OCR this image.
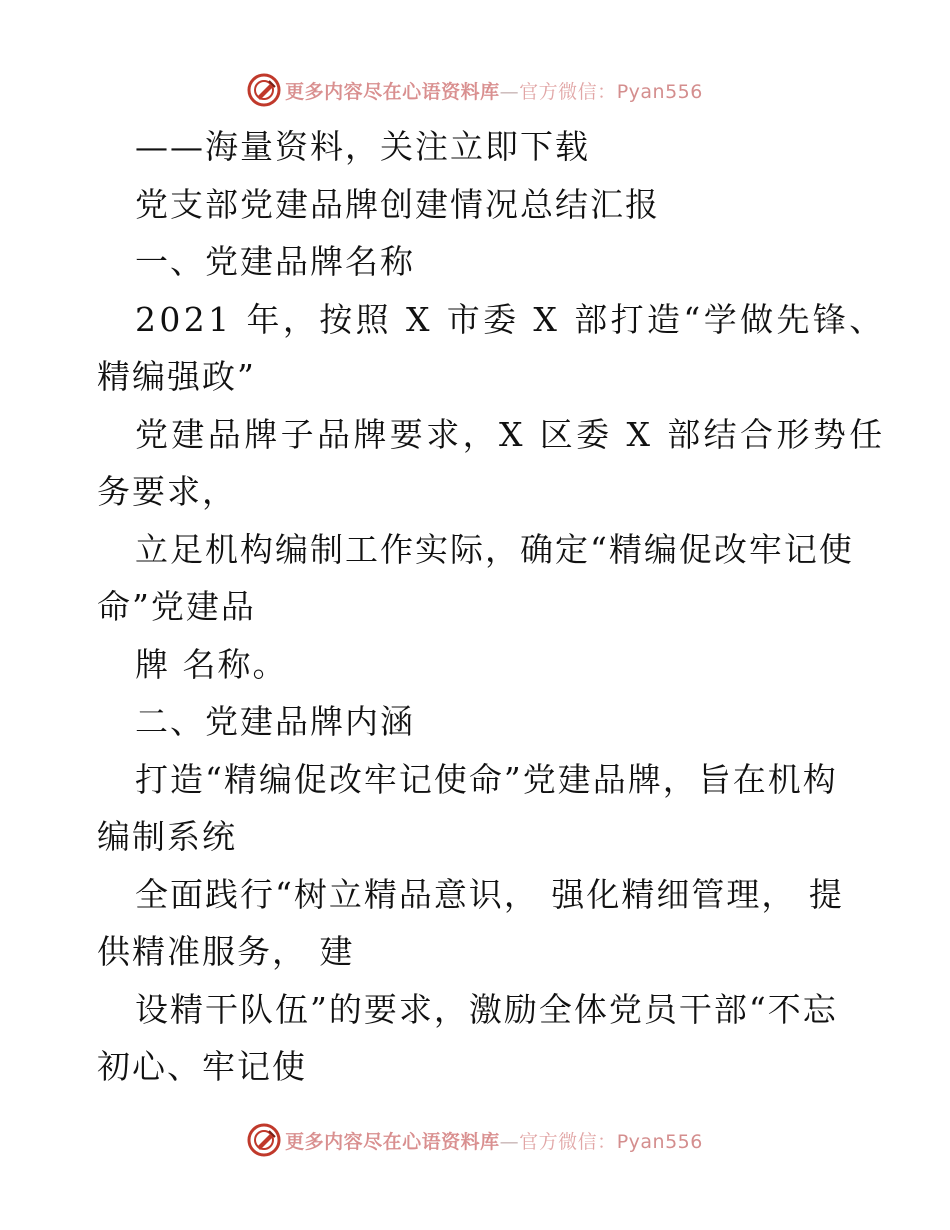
更多内容尽在心语资料库—官方微信：Pyan556
——海量资料，关注立即下载
党支部党建品牌创建情况总结汇报
一、党建品牌名称
2021 年，按照 X 市委 X 部打造“学做先锋、
精编强政”
党建品牌子品牌要求，X 区委 X 部结合形势任
务要求，
立足机构编制工作实际，确定“精编促改牢记使
命”党建品
牌 名称。
二、党建品牌内涵
打造“精编促改牢记使命”党建品牌，旨在机构
编制系统
全面践行“树立精品意识， 强化精细管理， 提
供精准服务， 建
设精干队伍”的要求，激励全体党员干部“不忘
初心、牢记使
更多内容尽在心语资料库—官方微信：Pyan556
